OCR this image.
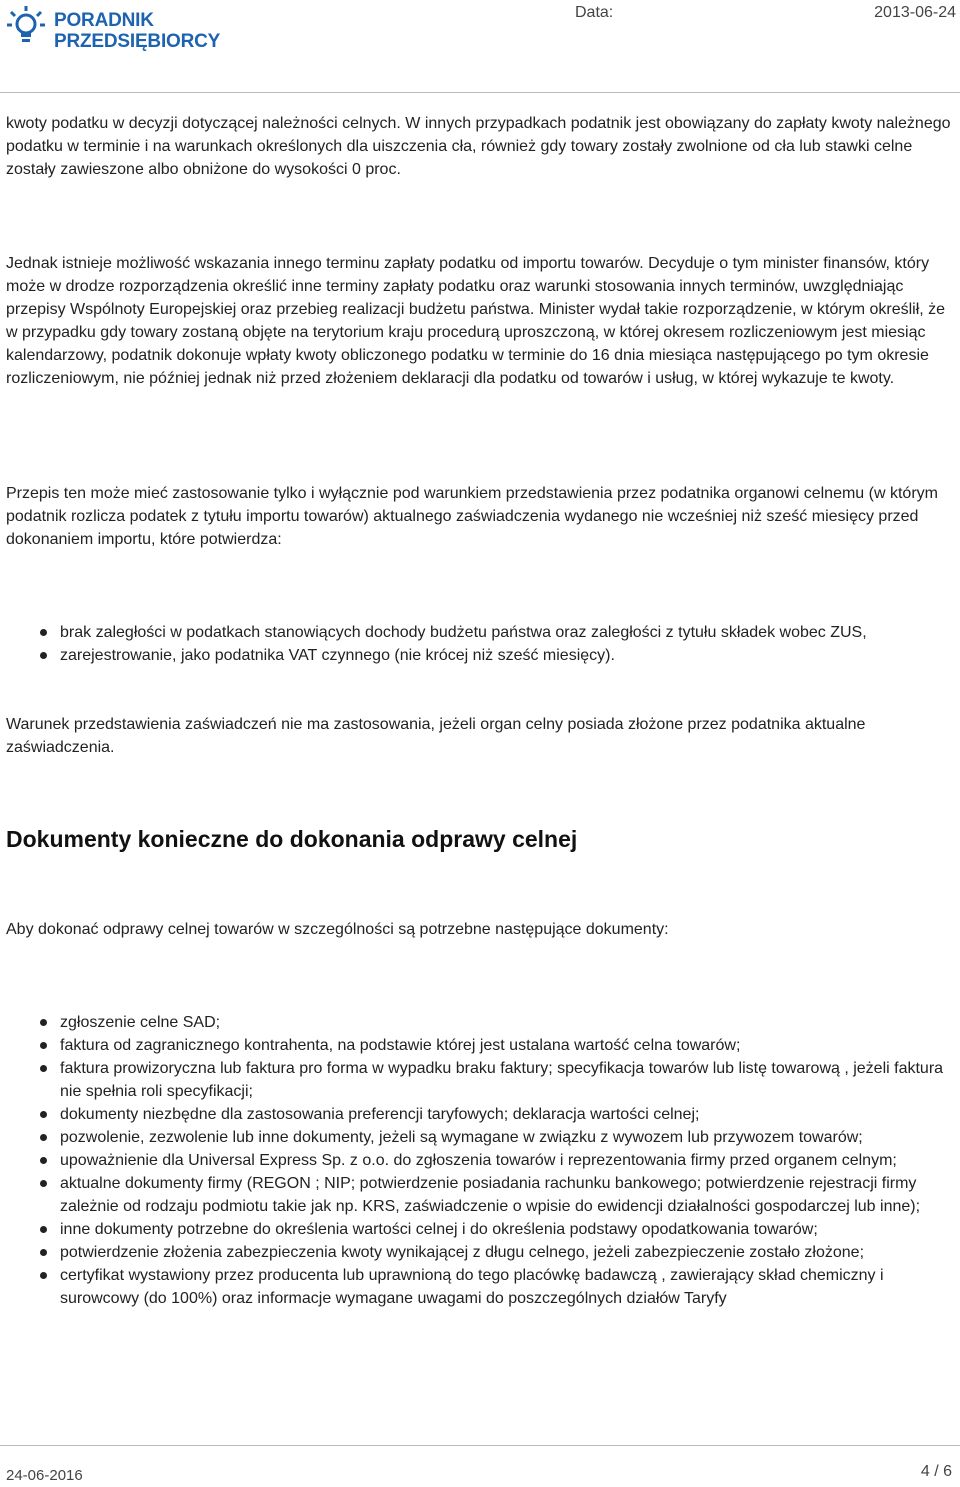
PORADNIK
PRZEDSIĘBIORCY
Data:	2013-06-24

kwoty podatku w decyzji dotyczącej należności celnych. W innych przypadkach podatnik jest obowiązany do zapłaty kwoty należnego podatku w terminie i na warunkach określonych dla uiszczenia cła, również gdy towary zostały zwolnione od cła lub stawki celne zostały zawieszone albo obniżone do wysokości 0 proc.

Jednak istnieje możliwość wskazania innego terminu zapłaty podatku od importu towarów. Decyduje o tym minister finansów, który może w drodze rozporządzenia określić inne terminy zapłaty podatku oraz warunki stosowania innych terminów, uwzględniając przepisy Wspólnoty Europejskiej oraz przebieg realizacji budżetu państwa. Minister wydał takie rozporządzenie, w którym określił, że w przypadku gdy towary zostaną objęte na terytorium kraju procedurą uproszczoną, w której okresem rozliczeniowym jest miesiąc kalendarzowy, podatnik dokonuje wpłaty kwoty obliczonego podatku w terminie do 16 dnia miesiąca następującego po tym okresie rozliczeniowym, nie później jednak niż przed złożeniem deklaracji dla podatku od towarów i usług, w której wykazuje te kwoty.

Przepis ten może mieć zastosowanie tylko i wyłącznie pod warunkiem przedstawienia przez podatnika organowi celnemu (w którym podatnik rozlicza podatek z tytułu importu towarów) aktualnego zaświadczenia wydanego nie wcześniej niż sześć miesięcy przed dokonaniem importu, które potwierdza:

brak zaległości w podatkach stanowiących dochody budżetu państwa oraz zaległości z tytułu składek wobec ZUS,
zarejestrowanie, jako podatnika VAT czynnego (nie krócej niż sześć miesięcy).

Warunek przedstawienia zaświadczeń nie ma zastosowania, jeżeli organ celny posiada złożone przez podatnika aktualne zaświadczenia.

Dokumenty konieczne do dokonania odprawy celnej

Aby dokonać odprawy celnej towarów w szczególności są potrzebne następujące dokumenty:

zgłoszenie celne SAD;
faktura od zagranicznego kontrahenta, na podstawie której jest ustalana wartość celna towarów;
faktura prowizoryczna lub faktura pro forma w wypadku braku faktury; specyfikacja towarów lub listę towarową , jeżeli faktura nie spełnia roli specyfikacji;
dokumenty niezbędne dla zastosowania preferencji taryfowych; deklaracja wartości celnej;
pozwolenie, zezwolenie lub inne dokumenty, jeżeli są wymagane w związku z wywozem lub przywozem towarów;
upoważnienie dla Universal Express Sp. z o.o. do zgłoszenia towarów i reprezentowania firmy przed organem celnym;
aktualne dokumenty firmy (REGON ; NIP; potwierdzenie posiadania rachunku bankowego; potwierdzenie rejestracji firmy zależnie od rodzaju podmiotu takie jak np. KRS, zaświadczenie o wpisie do ewidencji działalności gospodarczej lub inne);
inne dokumenty potrzebne do określenia wartości celnej i do określenia podstawy opodatkowania towarów;
potwierdzenie złożenia zabezpieczenia kwoty wynikającej z długu celnego, jeżeli zabezpieczenie zostało złożone;
certyfikat wystawiony przez producenta lub uprawnioną do tego placówkę badawczą , zawierający skład chemiczny i surowcowy (do 100%) oraz informacje wymagane uwagami do poszczególnych działów Taryfy
24-06-2016	4 / 6
